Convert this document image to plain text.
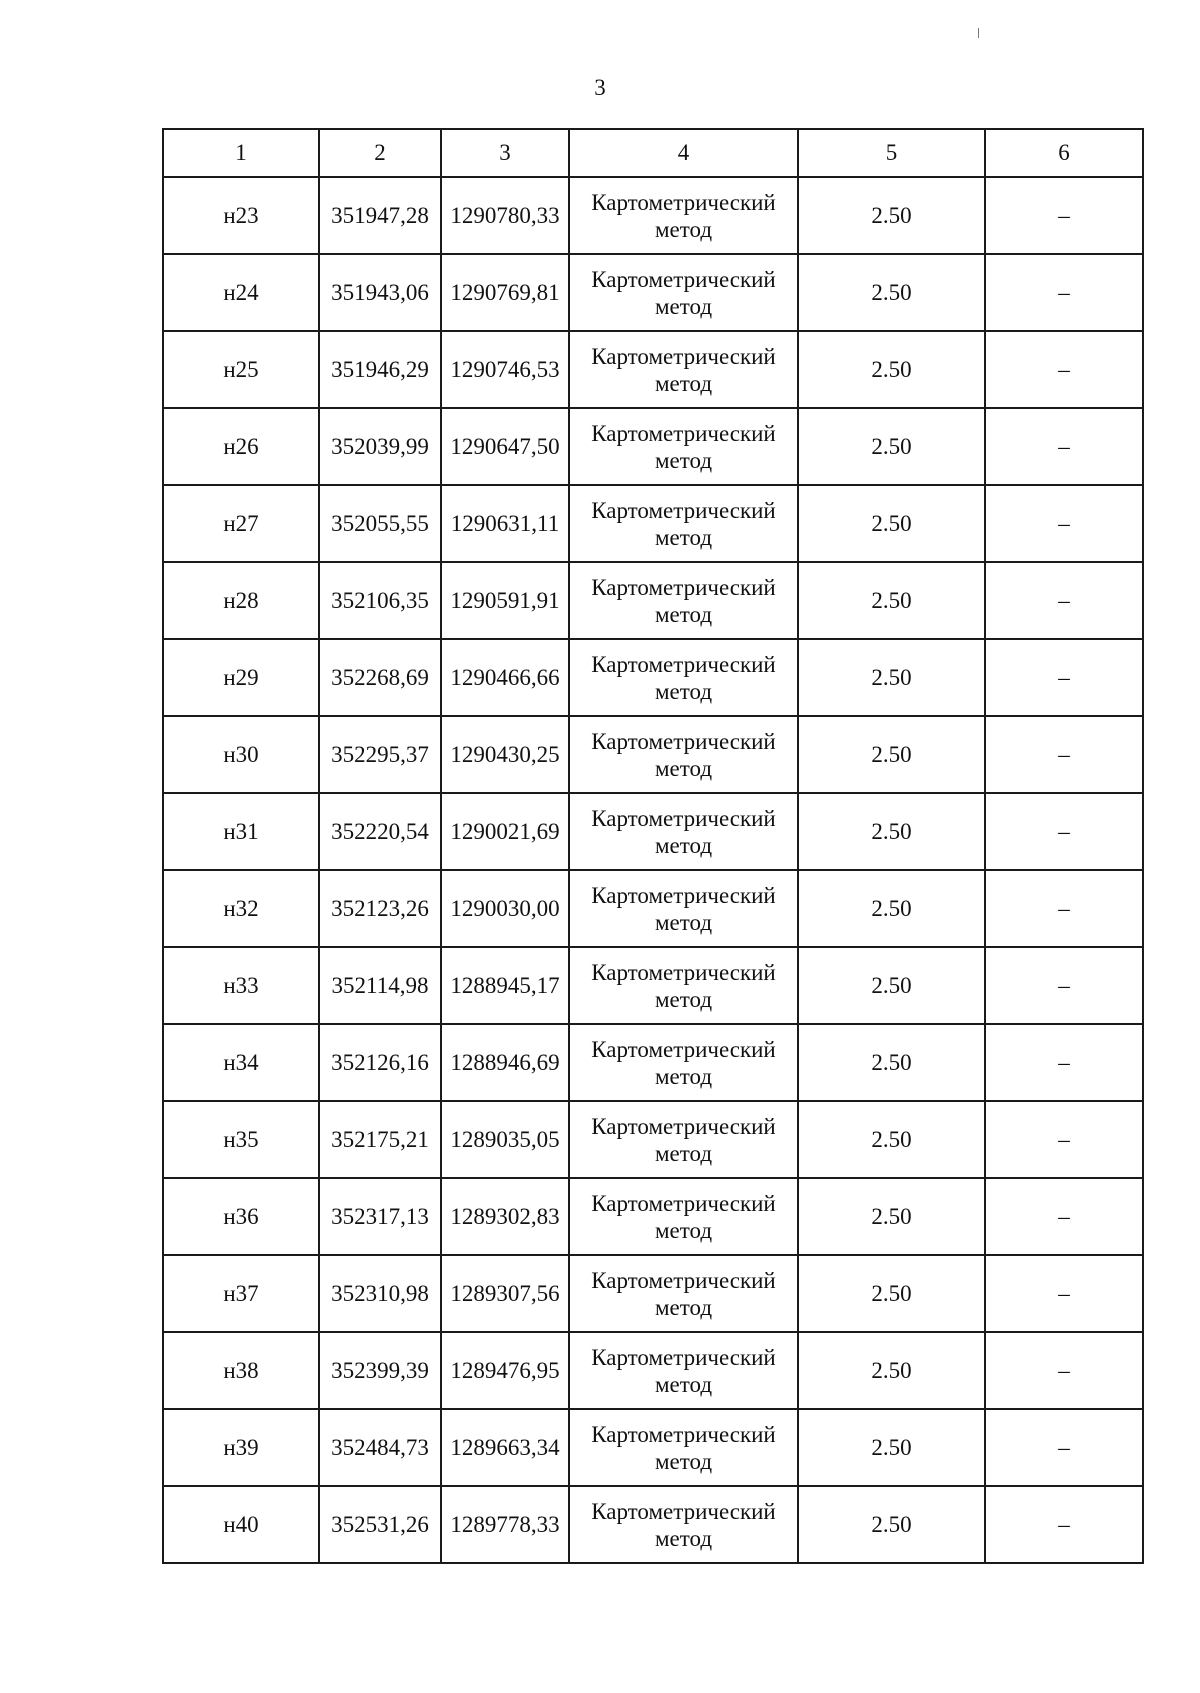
3
1	2	3	4	5	6
н23	351947,28	1290780,33	Картометрический метод	2.50	–
н24	351943,06	1290769,81	Картометрический метод	2.50	–
н25	351946,29	1290746,53	Картометрический метод	2.50	–
н26	352039,99	1290647,50	Картометрический метод	2.50	–
н27	352055,55	1290631,11	Картометрический метод	2.50	–
н28	352106,35	1290591,91	Картометрический метод	2.50	–
н29	352268,69	1290466,66	Картометрический метод	2.50	–
н30	352295,37	1290430,25	Картометрический метод	2.50	–
н31	352220,54	1290021,69	Картометрический метод	2.50	–
н32	352123,26	1290030,00	Картометрический метод	2.50	–
н33	352114,98	1288945,17	Картометрический метод	2.50	–
н34	352126,16	1288946,69	Картометрический метод	2.50	–
н35	352175,21	1289035,05	Картометрический метод	2.50	–
н36	352317,13	1289302,83	Картометрический метод	2.50	–
н37	352310,98	1289307,56	Картометрический метод	2.50	–
н38	352399,39	1289476,95	Картометрический метод	2.50	–
н39	352484,73	1289663,34	Картометрический метод	2.50	–
н40	352531,26	1289778,33	Картометрический метод	2.50	–
